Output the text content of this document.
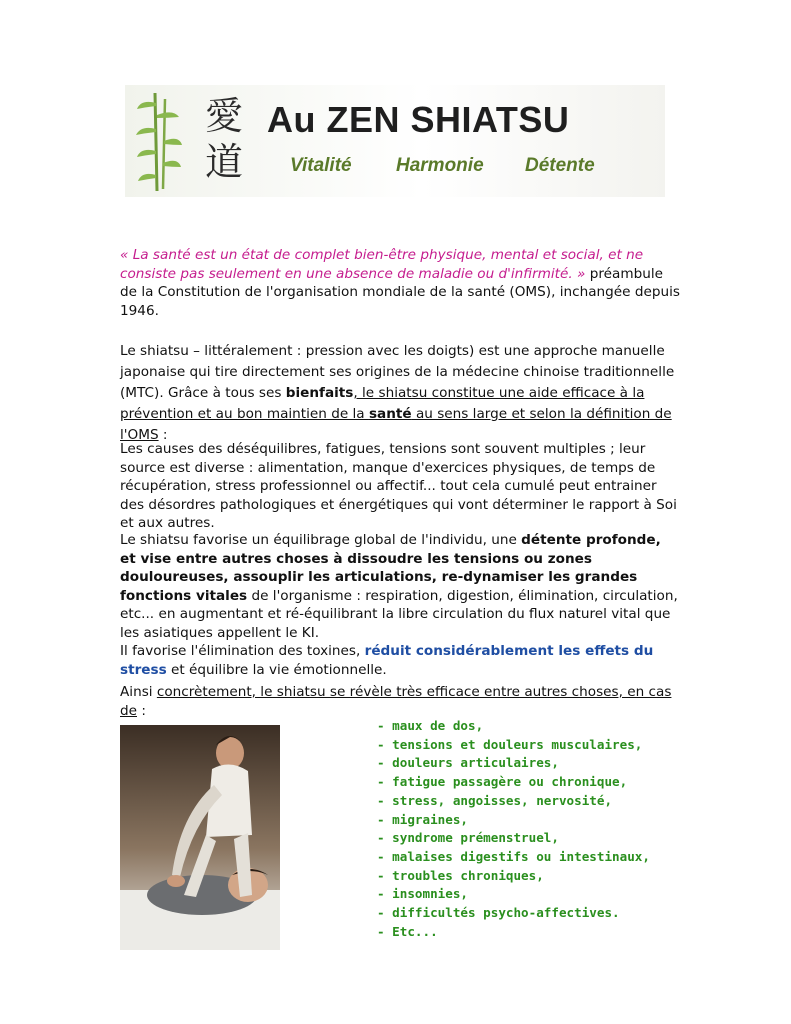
愛
道
Au ZEN SHIATSU
Vitalité Harmonie Détente

« La santé est un état de complet bien-être physique, mental et social, et ne consiste pas seulement en une absence de maladie ou d'infirmité. » préambule de la Constitution de l'organisation mondiale de la santé (OMS), inchangée depuis 1946.

Le shiatsu – littéralement : pression avec les doigts) est une approche manuelle japonaise qui tire directement ses origines de la médecine chinoise traditionnelle (MTC). Grâce à tous ses bienfaits, le shiatsu constitue une aide efficace à la prévention et au bon maintien de la santé au sens large et selon la définition de l'OMS :

Les causes des déséquilibres, fatigues, tensions sont souvent multiples ; leur source est diverse : alimentation, manque d'exercices physiques, de temps de récupération, stress professionnel ou affectif... tout cela cumulé peut entrainer des désordres pathologiques et énergétiques qui vont déterminer le rapport à Soi et aux autres.

Le shiatsu favorise un équilibrage global de l'individu, une détente profonde, et vise entre autres choses à dissoudre les tensions ou zones douloureuses, assouplir les articulations, re-dynamiser les grandes fonctions vitales de l'organisme : respiration, digestion, élimination, circulation, etc... en augmentant et ré-équilibrant la libre circulation du flux naturel vital que les asiatiques appellent le KI.

Il favorise l'élimination des toxines, réduit considérablement les effets du stress et équilibre la vie émotionnelle.

Ainsi concrètement, le shiatsu se révèle très efficace entre autres choses, en cas de :

- maux de dos,
- tensions et douleurs musculaires,
- douleurs articulaires,
- fatigue passagère ou chronique,
- stress, angoisses, nervosité,
- migraines,
- syndrome prémenstruel,
- malaises digestifs ou intestinaux,
- troubles chroniques,
- insomnies,
- difficultés psycho-affectives.
- Etc...
